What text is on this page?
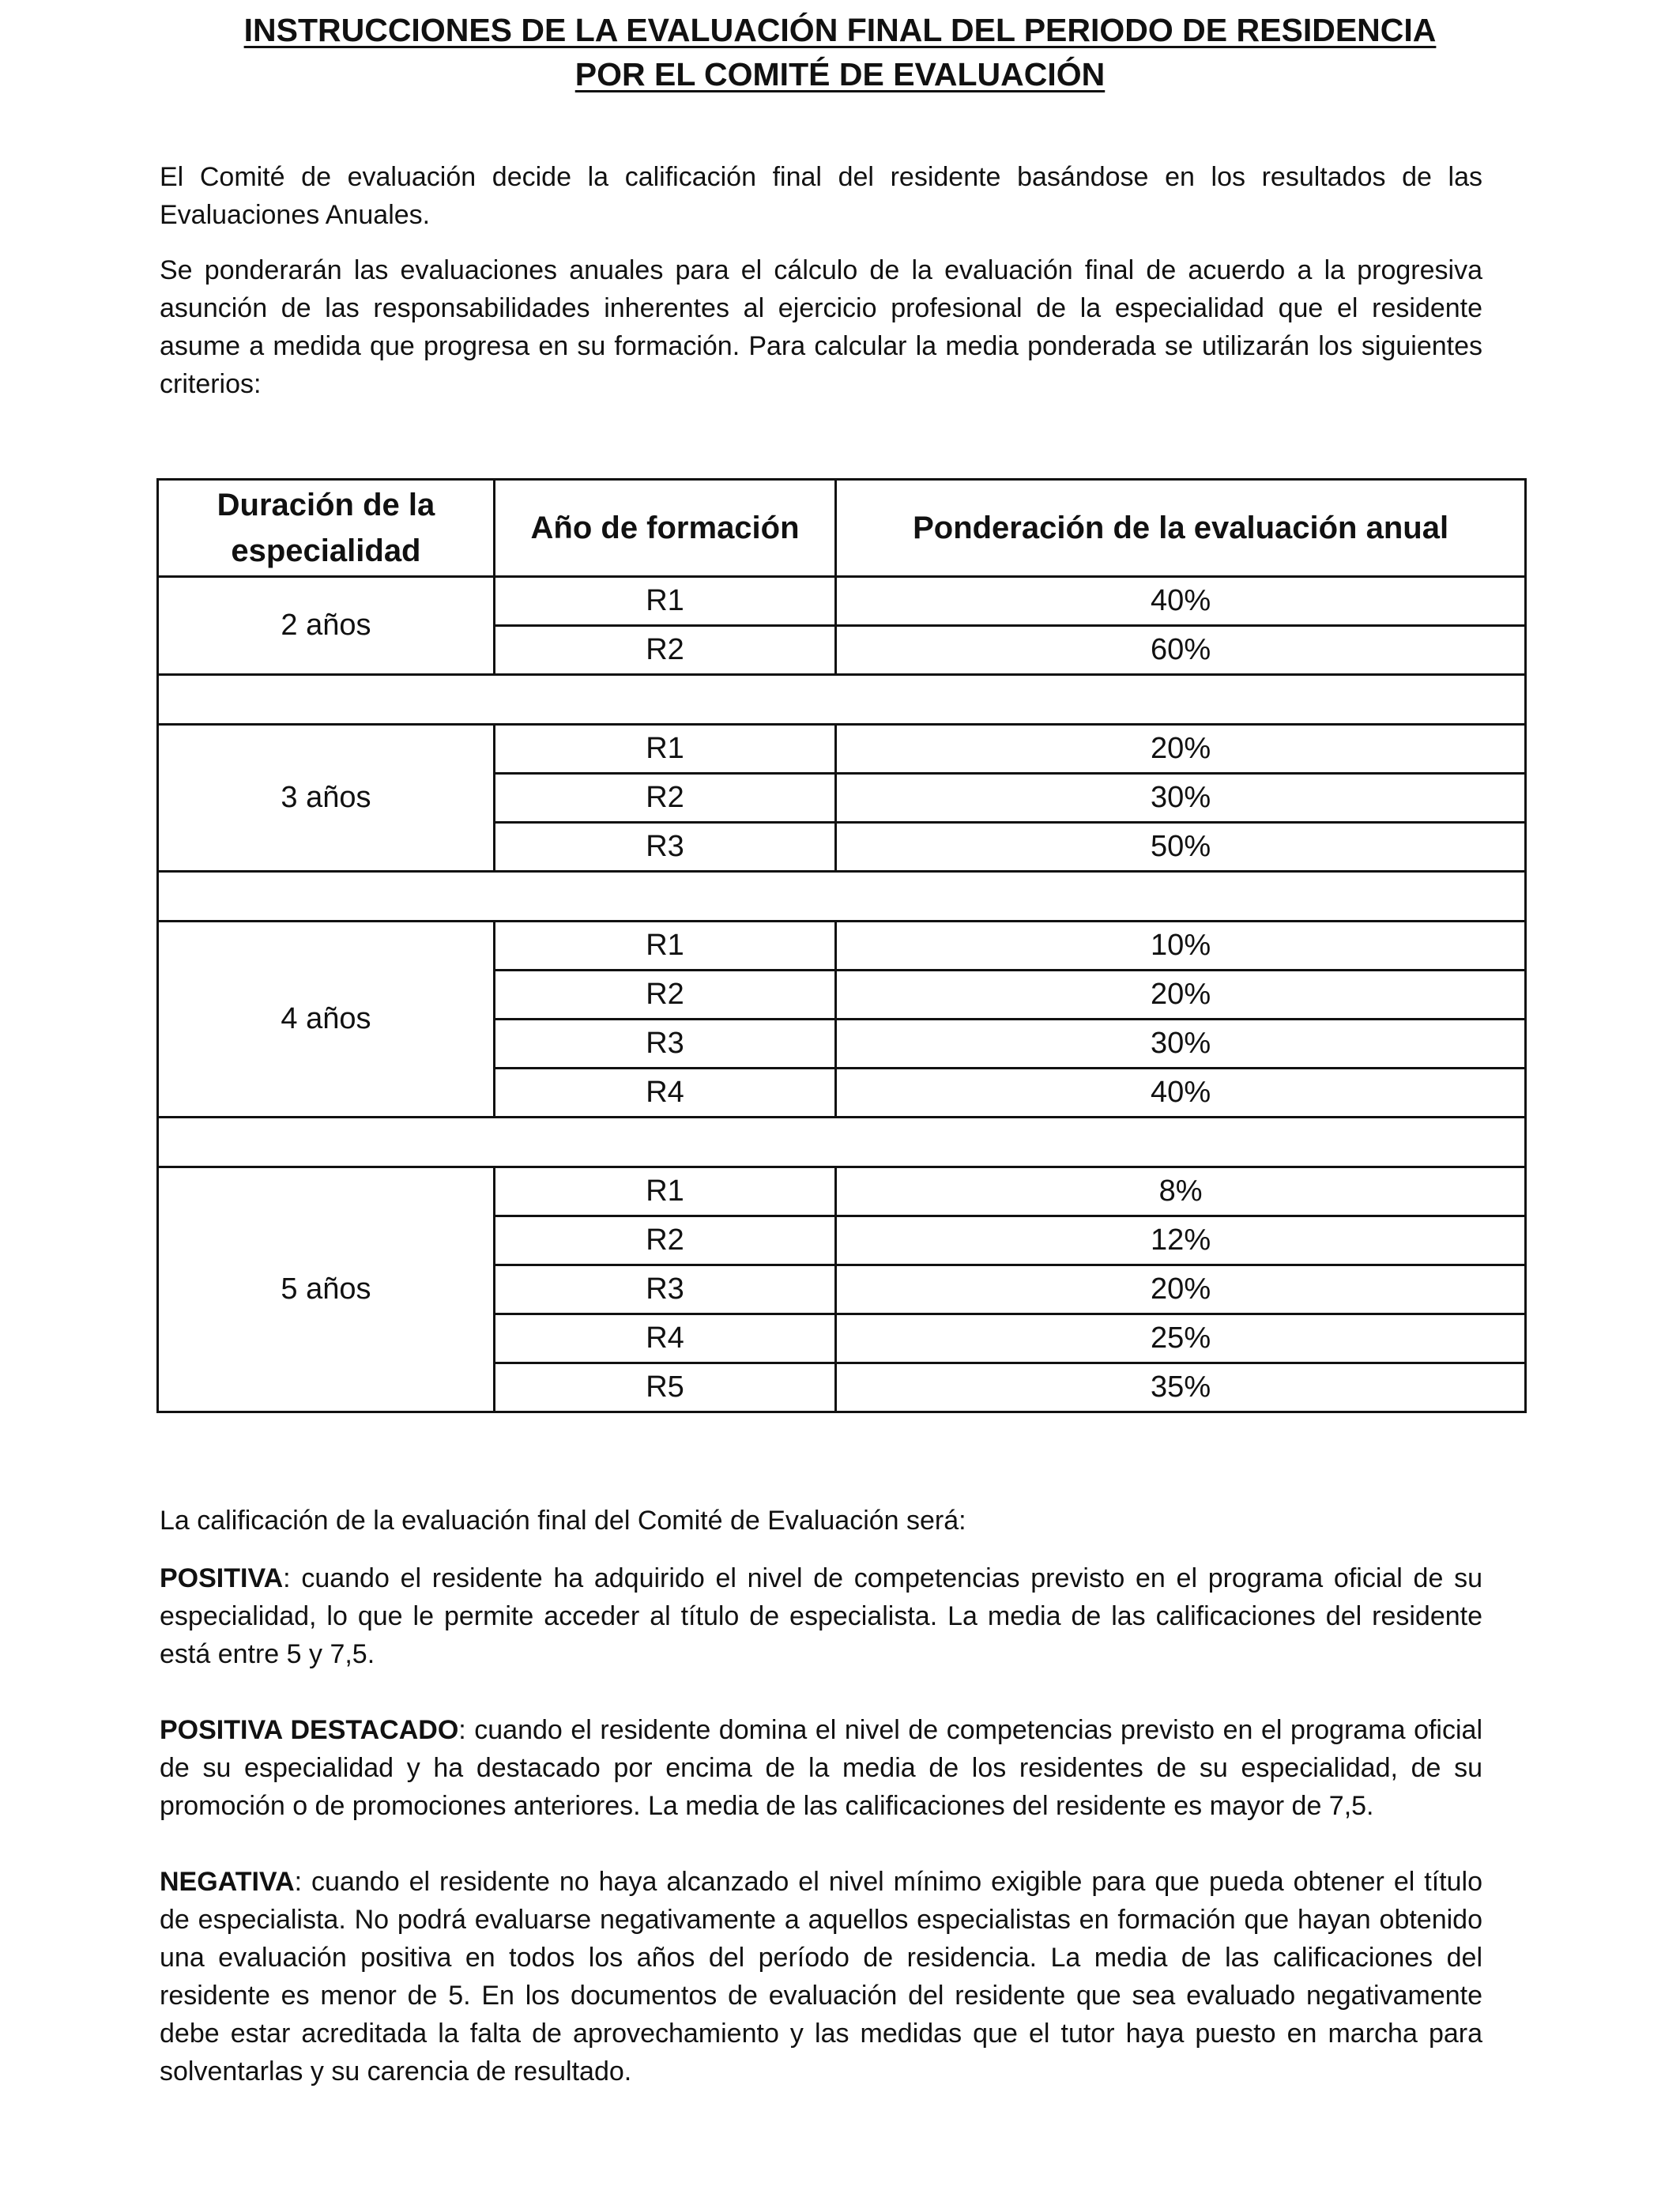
INSTRUCCIONES DE LA EVALUACIÓN FINAL DEL PERIODO DE RESIDENCIA
POR EL COMITÉ DE EVALUACIÓN

El Comité de evaluación decide la calificación final del residente basándose en los resultados de las Evaluaciones Anuales.

Se ponderarán las evaluaciones anuales para el cálculo de la evaluación final de acuerdo a la progresiva asunción de las responsabilidades inherentes al ejercicio profesional de la especialidad que el residente asume a medida que progresa en su formación. Para calcular la media ponderada se utilizarán los siguientes criterios:

Duración de la especialidad	Año de formación	Ponderación de la evaluación anual
2 años	R1	40%
	R2	60%

3 años	R1	20%
	R2	30%
	R3	50%

4 años	R1	10%
	R2	20%
	R3	30%
	R4	40%

5 años	R1	8%
	R2	12%
	R3	20%
	R4	25%
	R5	35%

La calificación de la evaluación final del Comité de Evaluación será:

POSITIVA: cuando el residente ha adquirido el nivel de competencias previsto en el programa oficial de su especialidad, lo que le permite acceder al título de especialista. La media de las calificaciones del residente está entre 5 y 7,5.

POSITIVA DESTACADO: cuando el residente domina el nivel de competencias previsto en el programa oficial de su especialidad y ha destacado por encima de la media de los residentes de su especialidad, de su promoción o de promociones anteriores. La media de las calificaciones del residente es mayor de 7,5.

NEGATIVA: cuando el residente no haya alcanzado el nivel mínimo exigible para que pueda obtener el título de especialista. No podrá evaluarse negativamente a aquellos especialistas en formación que hayan obtenido una evaluación positiva en todos los años del período de residencia. La media de las calificaciones del residente es menor de 5. En los documentos de evaluación del residente que sea evaluado negativamente debe estar acreditada la falta de aprovechamiento y las medidas que el tutor haya puesto en marcha para solventarlas y su carencia de resultado.
